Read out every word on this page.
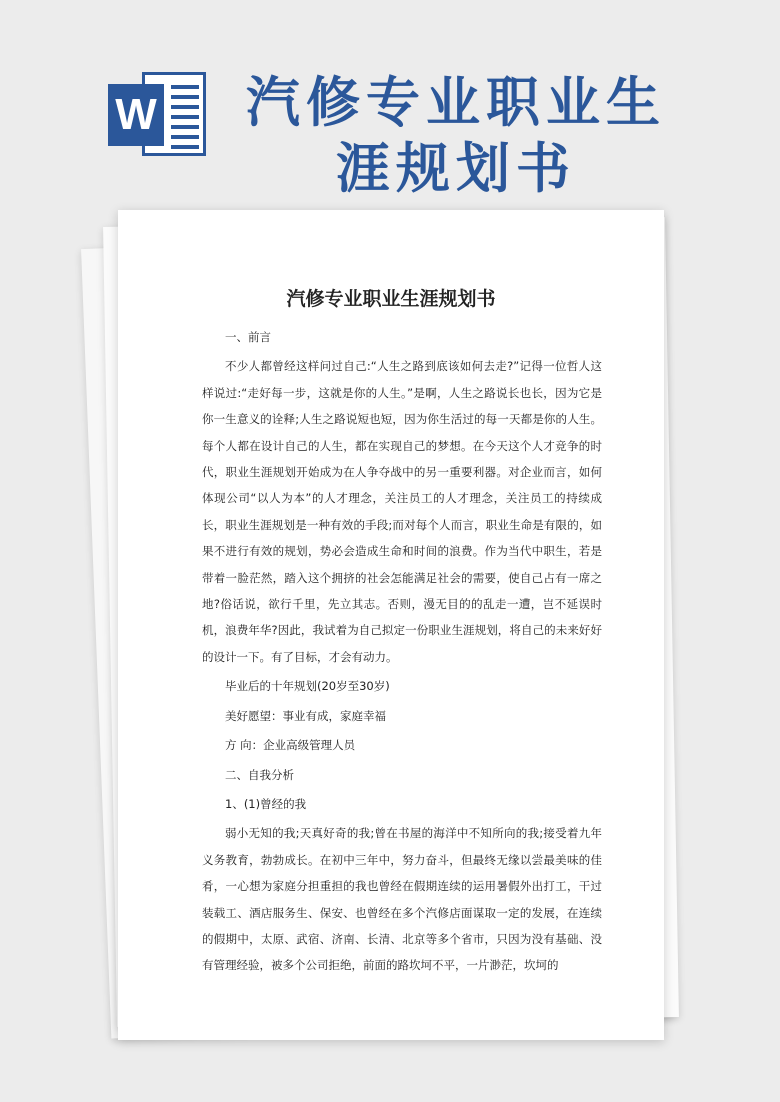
W	汽修专业职业生涯规划书
汽修专业职业生涯规划书

一、前言

不少人都曾经这样问过自己:“人生之路到底该如何去走?”记得一位哲人这样说过:“走好每一步，这就是你的人生。”是啊，人生之路说长也长，因为它是你一生意义的诠释;人生之路说短也短，因为你生活过的每一天都是你的人生。每个人都在设计自己的人生，都在实现自己的梦想。在今天这个人才竞争的时代，职业生涯规划开始成为在人争夺战中的另一重要利器。对企业而言，如何体现公司“以人为本”的人才理念，关注员工的人才理念，关注员工的持续成长，职业生涯规划是一种有效的手段;而对每个人而言，职业生命是有限的，如果不进行有效的规划，势必会造成生命和时间的浪费。作为当代中职生，若是带着一脸茫然，踏入这个拥挤的社会怎能满足社会的需要，使自己占有一席之地?俗话说，欲行千里，先立其志。否则，漫无目的的乱走一遭，岂不延误时机，浪费年华?因此，我试着为自己拟定一份职业生涯规划，将自己的未来好好的设计一下。有了目标，才会有动力。

毕业后的十年规划(20岁至30岁)

美好愿望：事业有成，家庭幸福

方 向：企业高级管理人员

二、自我分析

1、(1)曾经的我

弱小无知的我;天真好奇的我;曾在书屋的海洋中不知所向的我;接受着九年义务教育，勃勃成长。在初中三年中，努力奋斗，但最终无缘以尝最美味的佳肴，一心想为家庭分担重担的我也曾经在假期连续的运用暑假外出打工，干过装载工、酒店服务生、保安、也曾经在多个汽修店面谋取一定的发展，在连续的假期中，太原、武宿、济南、长清、北京等多个省市，只因为没有基础、没有管理经验，被多个公司拒绝，前面的路坎坷不平，一片渺茫，坎坷的
